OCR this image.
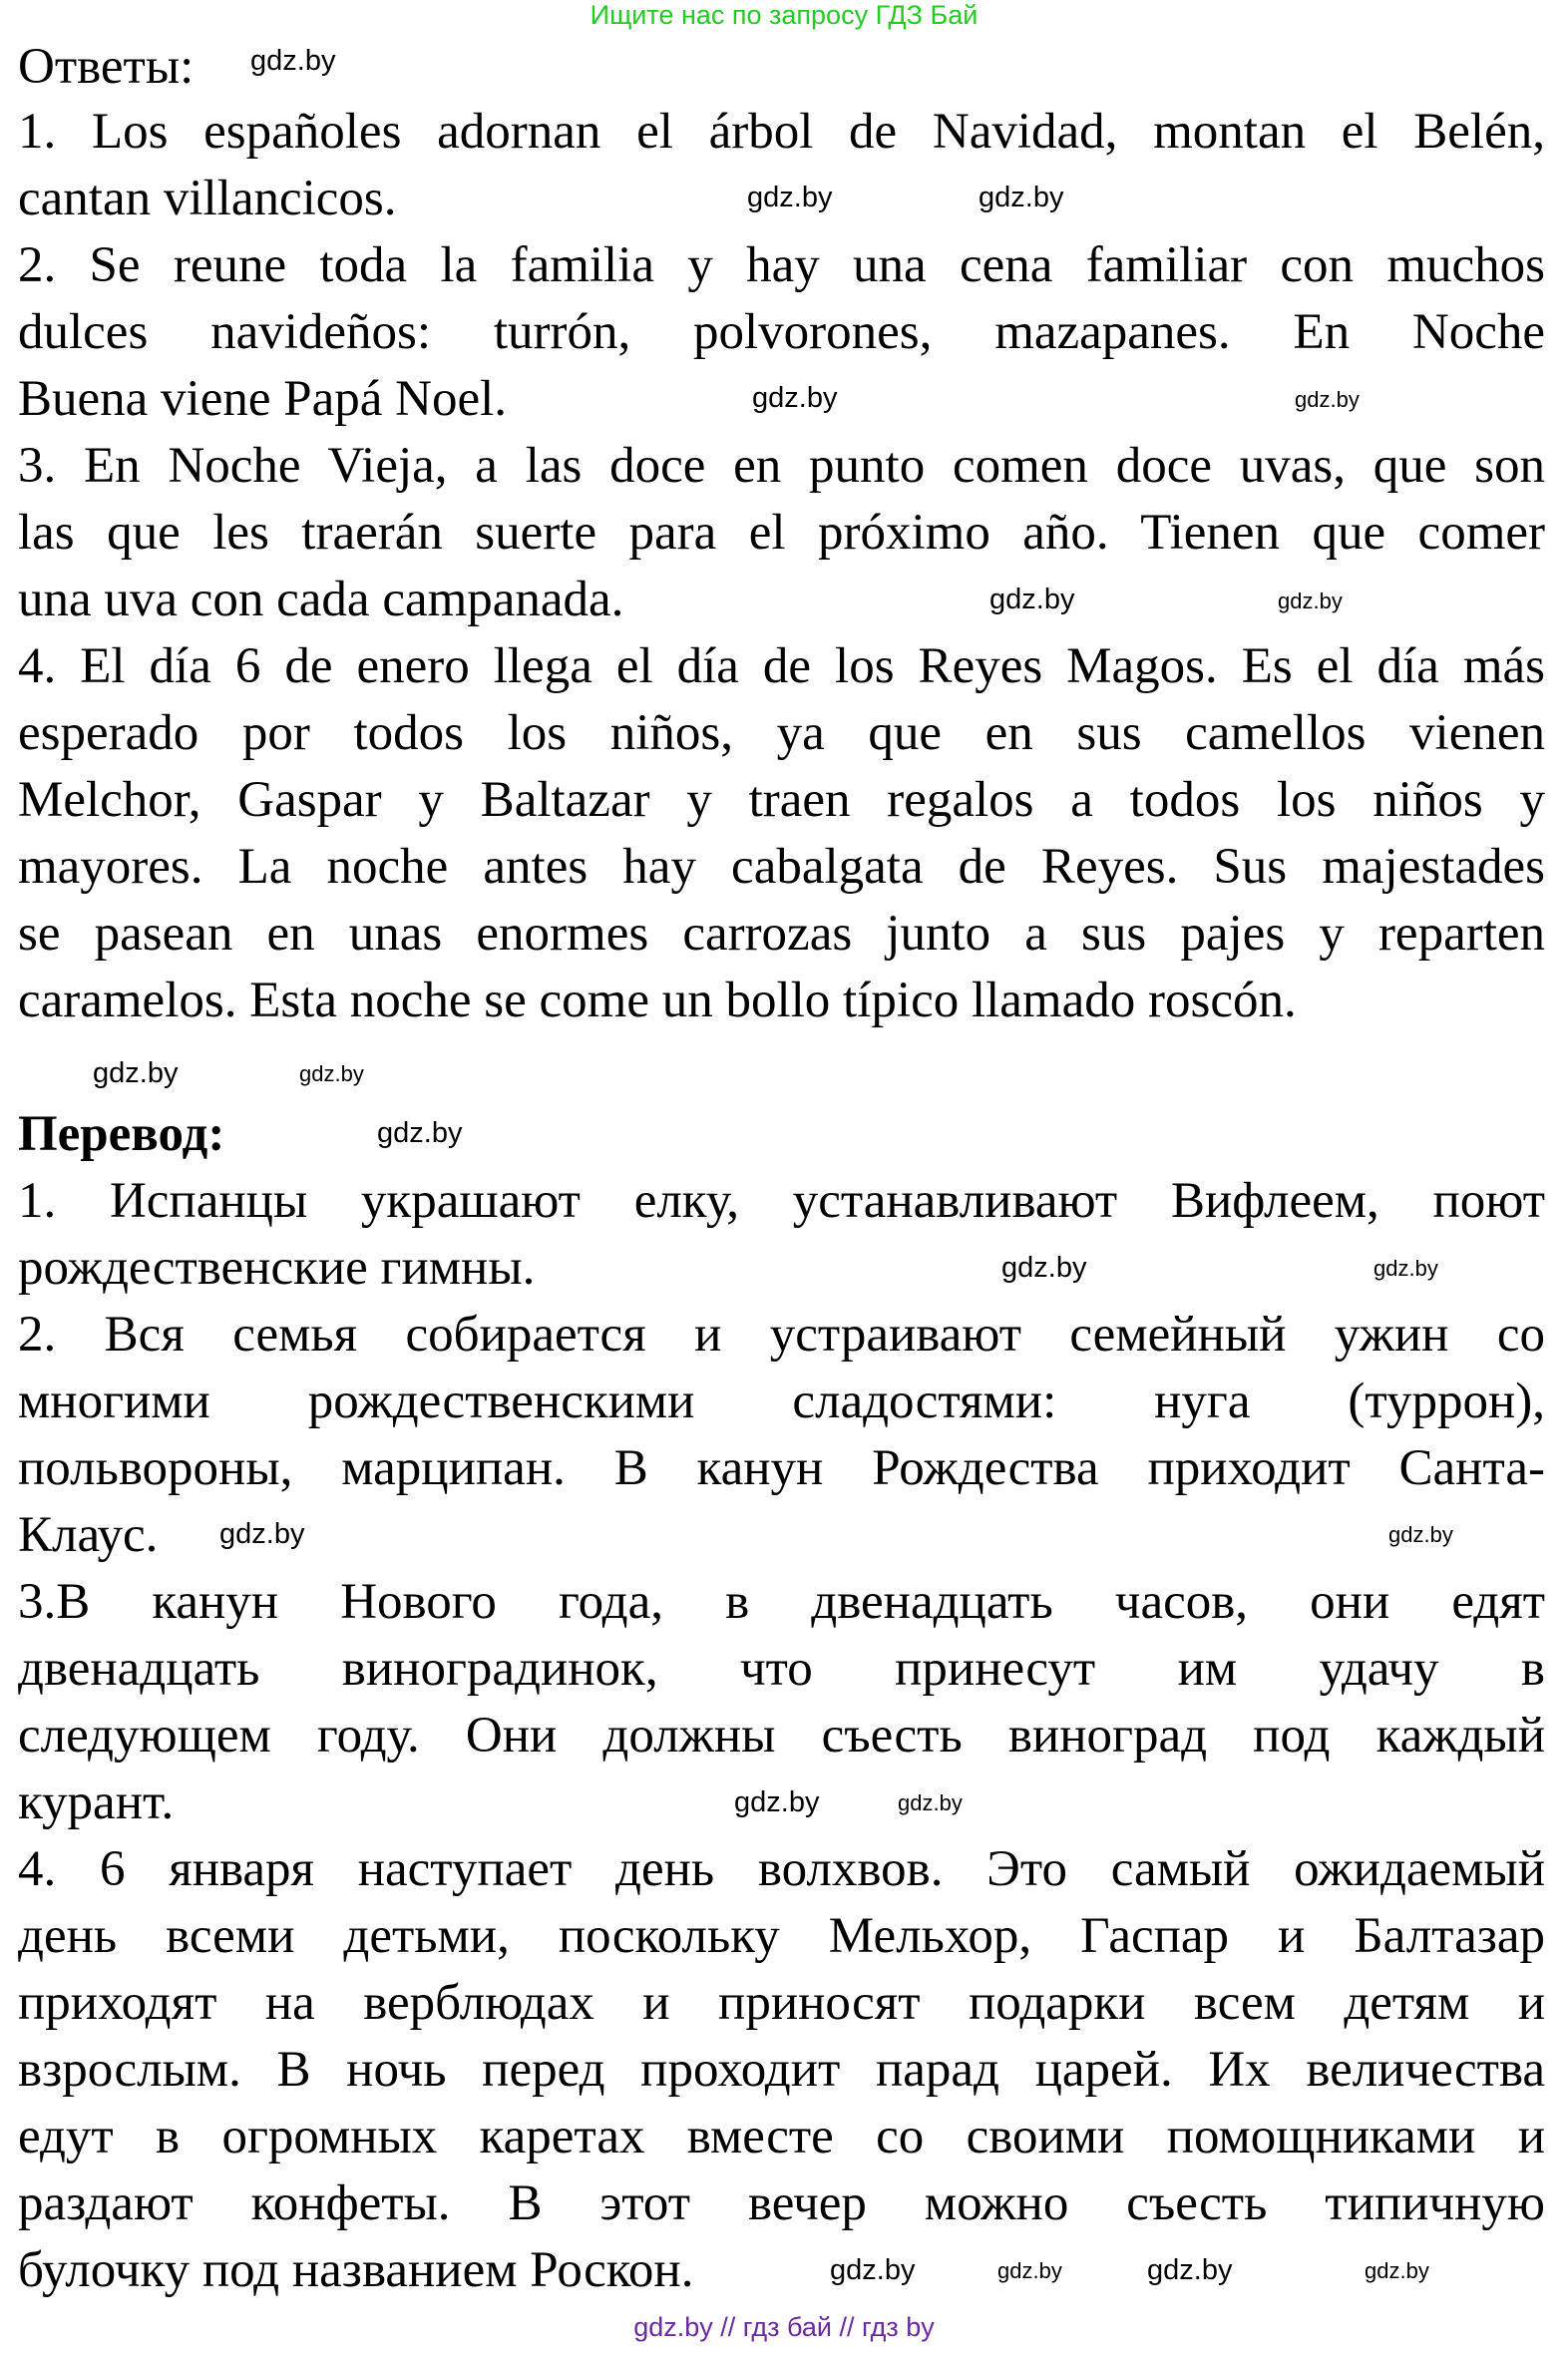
Ищите нас по запросу ГДЗ Бай
Ответы:
1. Los españoles adornan el árbol de Navidad, montan el Belén,
cantan villancicos.
2. Se reune toda la familia y hay una cena familiar con muchos
dulces navideños: turrón, polvorones, mazapanes. En Noche
Buena viene Papá Noel.
3. En Noche Vieja, a las doce en punto comen doce uvas, que son
las que les traerán suerte para el próximo año. Tienen que comer
una uva con cada campanada.
4. El día 6 de enero llega el día de los Reyes Magos. Es el día más
esperado por todos los niños, ya que en sus camellos vienen
Melchor, Gaspar y Baltazar y traen regalos a todos los niños y
mayores. La noche antes hay cabalgata de Reyes. Sus majestades
se pasean en unas enormes carrozas junto a sus pajes y reparten
caramelos. Esta noche se come un bollo típico llamado roscón.
Перевод:
1. Испанцы украшают елку, устанавливают Вифлеем, поют
рождественские гимны.
2. Вся семья собирается и устраивают семейный ужин со
многими рождественскими сладостями: нуга (туррон),
польвороны, марципан. В канун Рождества приходит Санта-
Клаус.
3.В канун Нового года, в двенадцать часов, они едят
двенадцать виноградинок, что принесут им удачу в
следующем году. Они должны съесть виноград под каждый
курант.
4. 6 января наступает день волхвов. Это самый ожидаемый
день всеми детьми, поскольку Мельхор, Гаспар и Балтазар
приходят на верблюдах и приносят подарки всем детям и
взрослым. В ночь перед проходит парад царей. Их величества
едут в огромных каретах вместе со своими помощниками и
раздают конфеты. В этот вечер можно съесть типичную
булочку под названием Роскон.
gdz.by
gdz.by	gdz.by
gdz.by
gdz.by
gdz.by	gdz.by
gdz.by
gdz.by
gdz.by
gdz.by	gdz.by
gdz.by	gdz.by
gdz.by
gdz.by
gdz.by	gdz.by	gdz.by
gdz.by
gdz.by // гдз бай // гдз by
